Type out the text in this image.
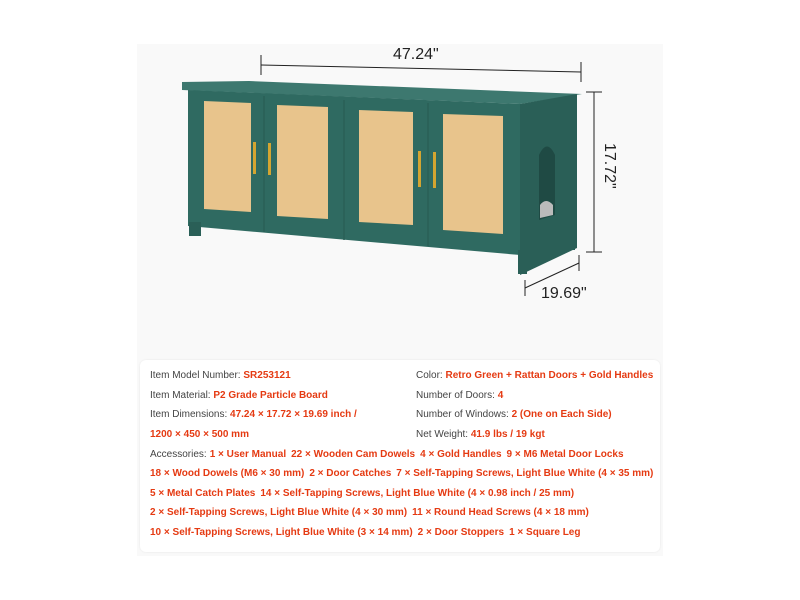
47.24"
17.72"
19.69"
Item Model Number: SR253121
Item Material: P2 Grade Particle Board
Item Dimensions: 47.24 × 17.72 × 19.69 inch /
1200 × 450 × 500 mm
Color: Retro Green + Rattan Doors + Gold Handles
Number of Doors: 4
Number of Windows: 2 (One on Each Side)
Net Weight: 41.9 lbs / 19 kgt
Accessories: 1 × User Manual 22 × Wooden Cam Dowels 4 × Gold Handles 9 × M6 Metal Door Locks
18 × Wood Dowels (M6 × 30 mm) 2 × Door Catches 7 × Self-Tapping Screws, Light Blue White (4 × 35 mm)
5 × Metal Catch Plates 14 × Self-Tapping Screws, Light Blue White (4 × 0.98 inch / 25 mm)
2 × Self-Tapping Screws, Light Blue White (4 × 30 mm) 11 × Round Head Screws (4 × 18 mm)
10 × Self-Tapping Screws, Light Blue White (3 × 14 mm) 2 × Door Stoppers 1 × Square Leg
